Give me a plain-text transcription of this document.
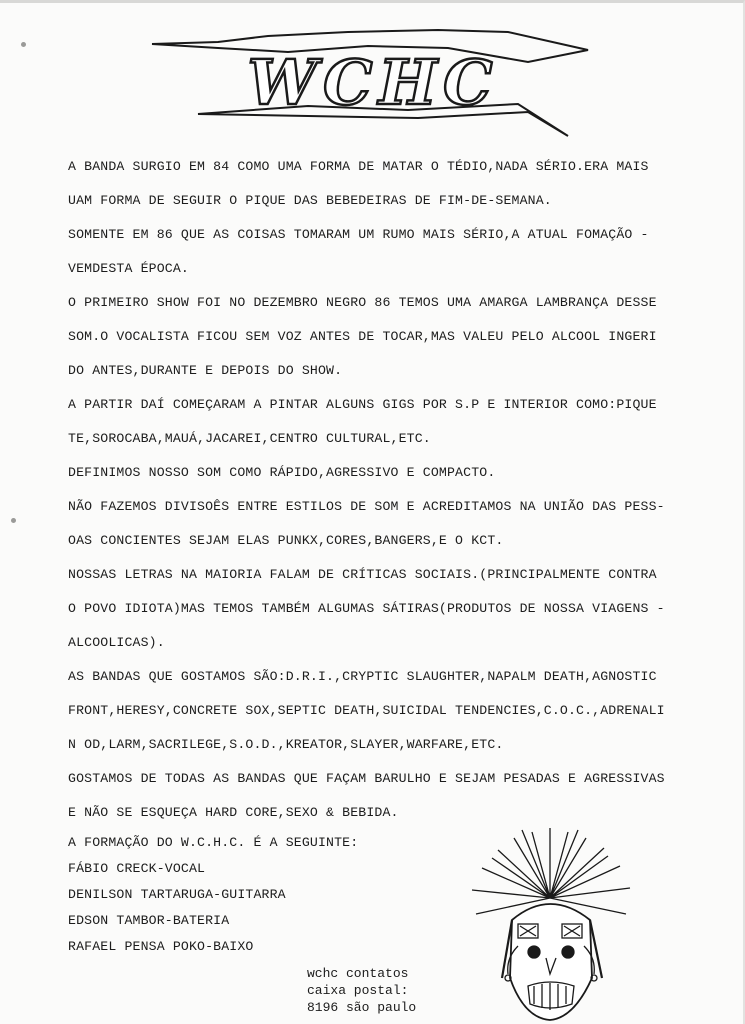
WCHC
A BANDA SURGIO EM 84 COMO UMA FORMA DE MATAR O TÉDIO,NADA SÉRIO.ERA MAIS
UAM FORMA DE SEGUIR O PIQUE DAS BEBEDEIRAS DE FIM-DE-SEMANA.
SOMENTE EM 86 QUE AS COISAS TOMARAM UM RUMO MAIS SÉRIO,A ATUAL FOMAÇÃO -
VEMDESTA ÉPOCA.
O PRIMEIRO SHOW FOI NO DEZEMBRO NEGRO 86 TEMOS UMA AMARGA LAMBRANÇA DESSE
SOM.O VOCALISTA FICOU SEM VOZ ANTES DE TOCAR,MAS VALEU PELO ALCOOL INGERI
DO ANTES,DURANTE E DEPOIS DO SHOW.
A PARTIR DAÍ COMEÇARAM A PINTAR ALGUNS GIGS POR S.P E INTERIOR COMO:PIQUE
TE,SOROCABA,MAUÁ,JACAREI,CENTRO CULTURAL,ETC.
DEFINIMOS NOSSO SOM COMO RÁPIDO,AGRESSIVO E COMPACTO.
NÃO FAZEMOS DIVISOÊS ENTRE ESTILOS DE SOM E ACREDITAMOS NA UNIÃO DAS PESS-
OAS CONCIENTES SEJAM ELAS PUNKX,CORES,BANGERS,E O KCT.
NOSSAS LETRAS NA MAIORIA FALAM DE CRÍTICAS SOCIAIS.(PRINCIPALMENTE CONTRA
O POVO IDIOTA)MAS TEMOS TAMBÉM ALGUMAS SÁTIRAS(PRODUTOS DE NOSSA VIAGENS -
ALCOOLICAS).
AS BANDAS QUE GOSTAMOS SÃO:D.R.I.,CRYPTIC SLAUGHTER,NAPALM DEATH,AGNOSTIC
FRONT,HERESY,CONCRETE SOX,SEPTIC DEATH,SUICIDAL TENDENCIES,C.O.C.,ADRENALI
N OD,LARM,SACRILEGE,S.O.D.,KREATOR,SLAYER,WARFARE,ETC.
GOSTAMOS DE TODAS AS BANDAS QUE FAÇAM BARULHO E SEJAM PESADAS E AGRESSIVAS
E NÃO SE ESQUEÇA HARD CORE,SEXO & BEBIDA.
A FORMAÇÃO DO W.C.H.C. É A SEGUINTE:
FÁBIO CRECK-VOCAL
DENILSON TARTARUGA-GUITARRA
EDSON TAMBOR-BATERIA
RAFAEL PENSA POKO-BAIXO
wchc contatos
caixa postal:
8196 são paulo
